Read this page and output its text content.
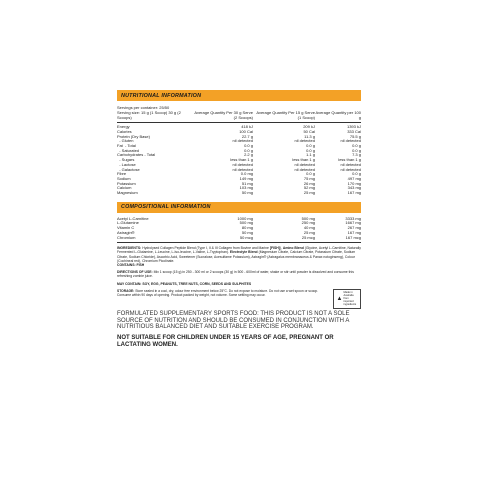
NUTRITIONAL INFORMATION
Servings per container: 25/50
Serving size: 15 g (1 Scoop) 30 g (2 Scoops)
Average Quantity Per 30 g Serve (2 Scoops)
Average Quantity Per 15 g Serve (1 Scoop)
Average Quantity per 100 g
Energy	418 kJ	209 kJ	1393 kJ
Calories	100 Cal	50 Cal	333 Cal
Protein (Dry Base)	22.7 g	11.3 g	75.5 g
- Gluten	nil detected	nil detected	nil detected
Fat  - Total	0.0 g	0.0 g	0.0 g
- Saturated	0.0 g	0.0 g	0.0 g
Carbohydrates - Total	2.2 g	1.1 g	7.3 g
- Sugars	less than 1 g	less than 1 g	less than 1 g
- Lactose	nil detected	nil detected	nil detected
- Galactose	nil detected	nil detected	nil detected
Fibre	0.0 mg	0.0 g	0.0 g
Sodium	149 mg	75 mg	497 mg
Potassium	51 mg	26 mg	170 mg
Calcium	103 mg	52 mg	343 mg
Magnesium	50 mg	25 mg	167 mg
COMPOSITIONAL INFORMATION
Acetyl L-Carnitine	1000 mg	500 mg	3333 mg
L-Glutamine	500 mg	250 mg	1667 mg
Vitamin C	80 mg	40 mg	267 mg
Astragin®	50 mg	25 mg	167 mg
Chromium	50 mcg	25 mcg	167 mcg
INGREDIENTS: Hydrolysed Collagen Peptide Blend (Type I, II & III Collagen from Bovine and Marine [FISH]), Amino Blend (Glycine, Acetyl L-Carnitine, Naturally Fermented L-Glutamine, L-Leucine, L-Iso-leucine, L-Valine, L-Tryptophan). Electrolyte Blend (Magnesium Citrate, Calcium Citrate, Potassium Citrate, Sodium Citrate, Sodium Chloride), Ascorbic Acid, Sweetener (Sucralose, Acesulfame Potassium), Astragin® (Astragalus membranaceus & Panax notoginseng), Colour (Cochineal red), Chromium Picolinate.
CONTAINS: FISH
DIRECTIONS OF USE: Mix 1 scoop (15 g) in 250 - 300 ml or 2 scoops (30 g) in 500 - 600ml of water, shake or stir until powder is dissolved and consume this refreshing zombie juice.
MAY CONTAIN: SOY, EGG, PEANUTS, TREE NUTS, CORN, SEEDS AND SULPHITES
STORAGE: Store sealed in a cool, dry, odour free environment below 25°C. Do not expose to moisture. Do not use a wet spoon or scoop. Consume within 90 days of opening. Product packed by weight, not volume. Some settling may occur.
▲
Made in Australia from imported ingredients
FORMULATED SUPPLEMENTARY SPORTS FOOD: THIS PRODUCT IS NOT A SOLE SOURCE OF NUTRITION AND SHOULD BE CONSUMED IN CONJUNCTION WITH A NUTRITIOUS BALANCED DIET AND SUITABLE EXERCISE PROGRAM.
NOT SUITABLE FOR CHILDREN UNDER 15 YEARS OF AGE, PREGNANT OR LACTATING WOMEN.
